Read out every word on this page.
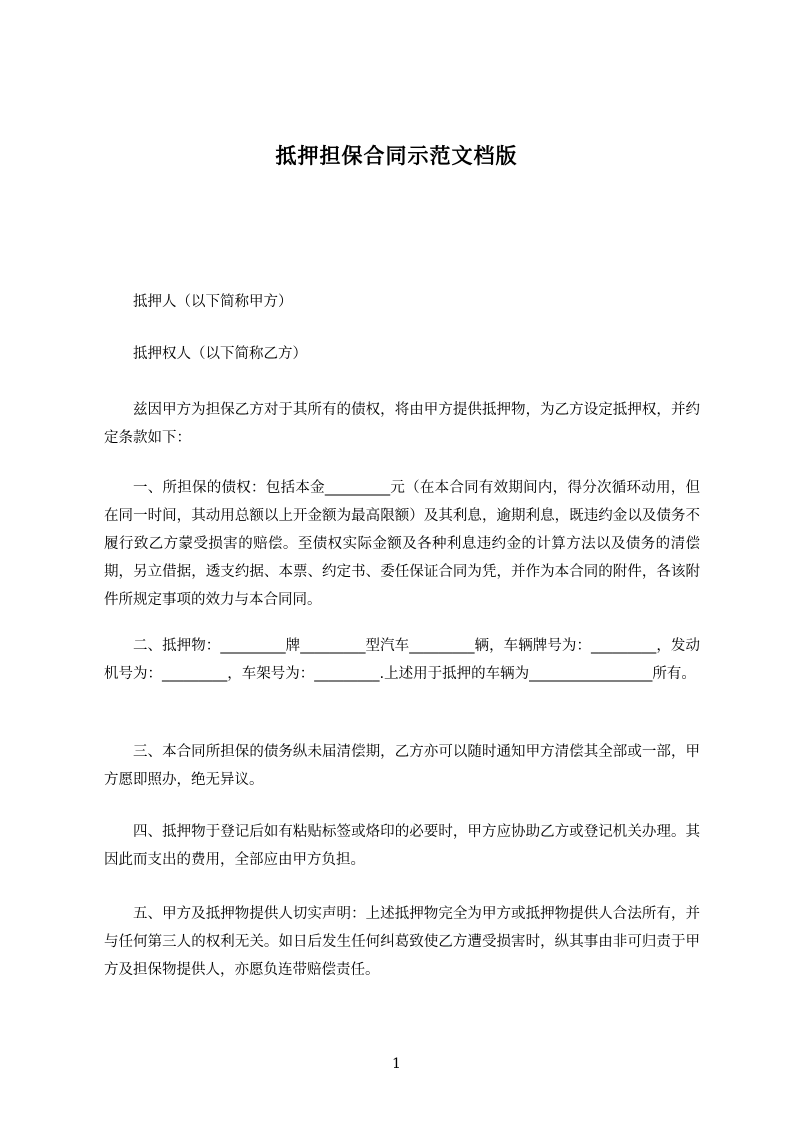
抵押担保合同示范文档版

抵押人（以下简称甲方）

抵押权人（以下简称乙方）

兹因甲方为担保乙方对于其所有的债权，将由甲方提供抵押物，为乙方设定抵押权，并约定条款如下：

一、所担保的债权：包括本金_________元（在本合同有效期间内，得分次循环动用，但在同一时间，其动用总额以上开金额为最高限额）及其利息，逾期利息，既违约金以及债务不履行致乙方蒙受损害的赔偿。至债权实际金额及各种利息违约金的计算方法以及债务的清偿期，另立借据，透支约据、本票、约定书、委任保证合同为凭，并作为本合同的附件，各该附件所规定事项的效力与本合同同。

二、抵押物：_________牌_________型汽车_________辆，车辆牌号为：_________，发动机号为：_________，车架号为：_________.上述用于抵押的车辆为_________________所有。

三、本合同所担保的债务纵未届清偿期，乙方亦可以随时通知甲方清偿其全部或一部，甲方愿即照办，绝无异议。

四、抵押物于登记后如有粘贴标签或烙印的必要时，甲方应协助乙方或登记机关办理。其因此而支出的费用，全部应由甲方负担。

五、甲方及抵押物提供人切实声明：上述抵押物完全为甲方或抵押物提供人合法所有，并与任何第三人的权利无关。如日后发生任何纠葛致使乙方遭受损害时，纵其事由非可归责于甲方及担保物提供人，亦愿负连带赔偿责任。

1
